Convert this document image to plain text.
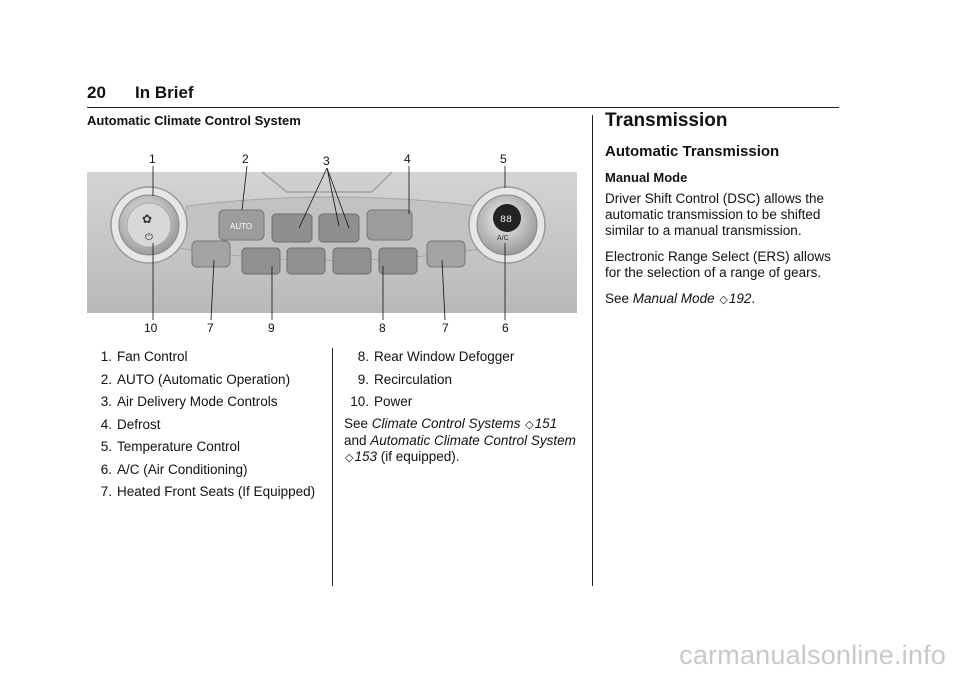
20 In Brief
Automatic Climate Control System
✿
⏻
88
A/C
AUTO
1	2	3	4	5
10	7	9	8	7	6
1. Fan Control
2. AUTO (Automatic Operation)
3. Air Delivery Mode Controls
4. Defrost
5. Temperature Control
6. A/C (Air Conditioning)
7. Heated Front Seats (If Equipped)
8. Rear Window Defogger
9. Recirculation
10. Power
See Climate Control Systems ◇151
and Automatic Climate Control System ◇153 (if equipped).
Transmission
Automatic Transmission
Manual Mode

Driver Shift Control (DSC) allows the automatic transmission to be shifted similar to a manual transmission.

Electronic Range Select (ERS) allows for the selection of a range of gears.

See Manual Mode ◇192.

carmanualsonline.info
